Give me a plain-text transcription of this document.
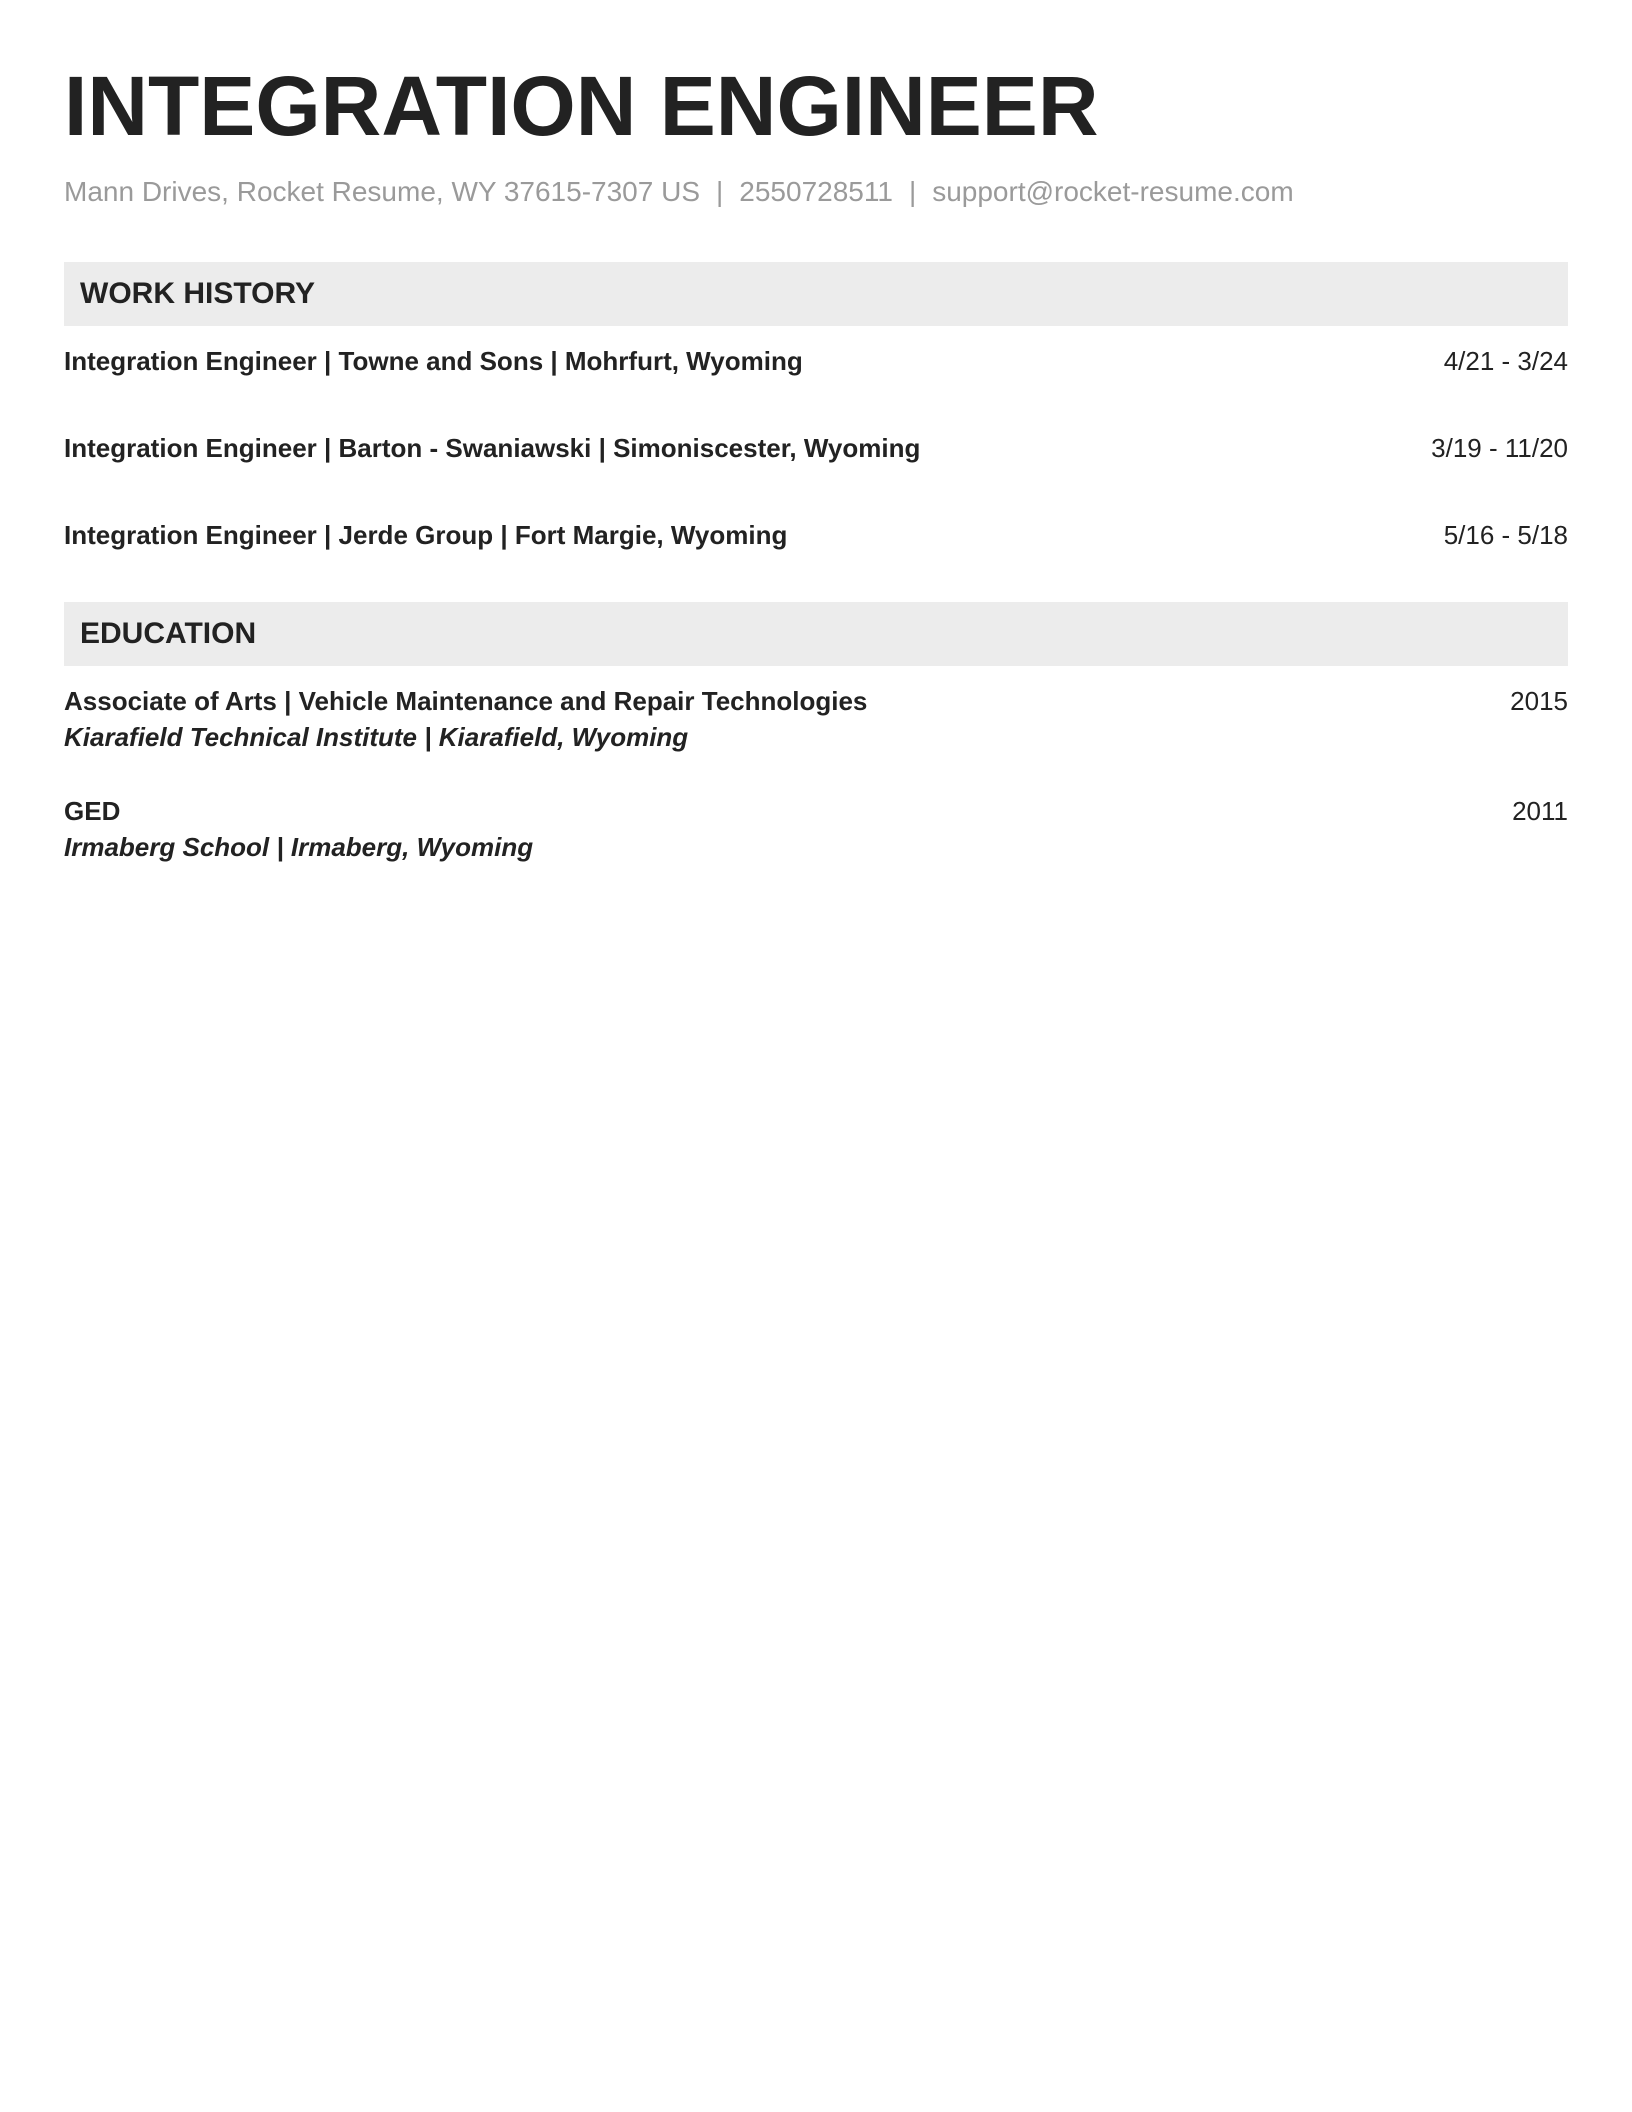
INTEGRATION ENGINEER
Mann Drives, Rocket Resume, WY 37615-7307 US | 2550728511 | support@rocket-resume.com
WORK HISTORY
Integration Engineer | Towne and Sons | Mohrfurt, Wyoming	4/21 - 3/24
Integration Engineer | Barton - Swaniawski | Simoniscester, Wyoming	3/19 - 11/20
Integration Engineer | Jerde Group | Fort Margie, Wyoming	5/16 - 5/18
EDUCATION
Associate of Arts | Vehicle Maintenance and Repair Technologies	2015
Kiarafield Technical Institute | Kiarafield, Wyoming
GED	2011
Irmaberg School | Irmaberg, Wyoming
